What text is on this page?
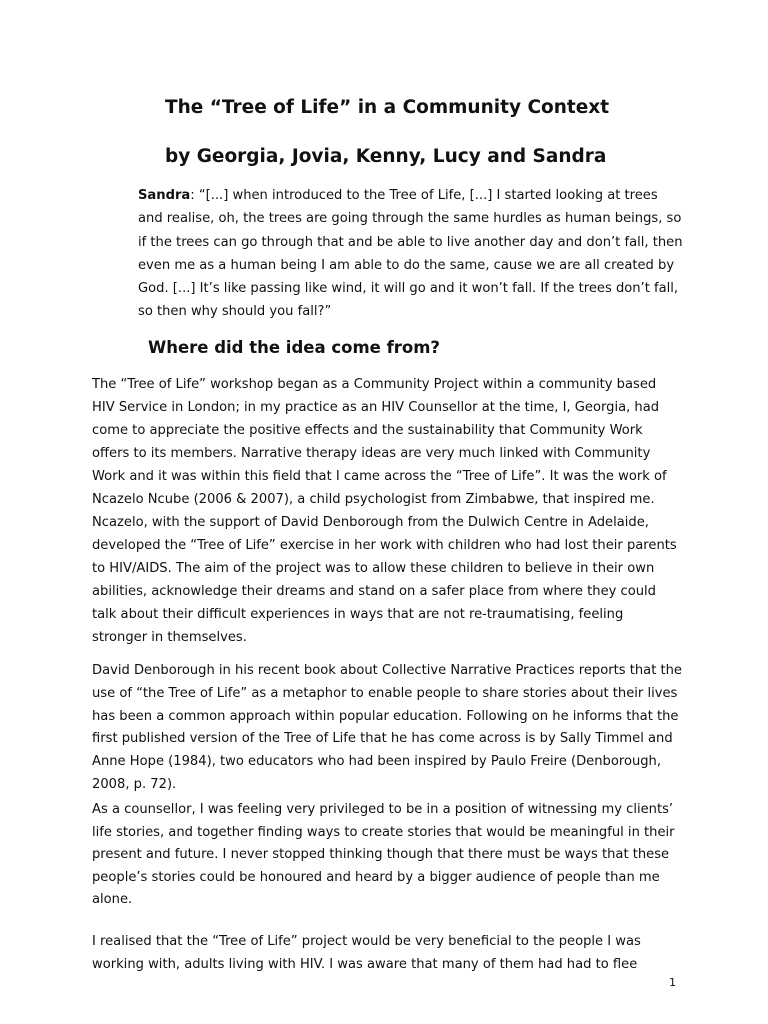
The “Tree of Life” in a Community Context
by Georgia, Jovia, Kenny, Lucy and Sandra

Sandra: “[...] when introduced to the Tree of Life, [...] I started looking at trees and realise, oh, the trees are going through the same hurdles as human beings, so if the trees can go through that and be able to live another day and don’t fall, then even me as a human being I am able to do the same, cause we are all created by God. [...] It’s like passing like wind, it will go and it won’t fall. If the trees don’t fall, so then why should you fall?”

Where did the idea come from?

The “Tree of Life” workshop began as a Community Project within a community based HIV Service in London; in my practice as an HIV Counsellor at the time, I, Georgia, had come to appreciate the positive effects and the sustainability that Community Work offers to its members. Narrative therapy ideas are very much linked with Community Work and it was within this field that I came across the “Tree of Life”. It was the work of Ncazelo Ncube (2006 & 2007), a child psychologist from Zimbabwe, that inspired me. Ncazelo, with the support of David Denborough from the Dulwich Centre in Adelaide, developed the “Tree of Life” exercise in her work with children who had lost their parents to HIV/AIDS. The aim of the project was to allow these children to believe in their own abilities, acknowledge their dreams and stand on a safer place from where they could talk about their difficult experiences in ways that are not re-traumatising, feeling stronger in themselves.

David Denborough in his recent book about Collective Narrative Practices reports that the use of “the Tree of Life” as a metaphor to enable people to share stories about their lives has been a common approach within popular education. Following on he informs that the first published version of the Tree of Life that he has come across is by Sally Timmel and Anne Hope (1984), two educators who had been inspired by Paulo Freire (Denborough, 2008, p. 72).

As a counsellor, I was feeling very privileged to be in a position of witnessing my clients’ life stories, and together finding ways to create stories that would be meaningful in their present and future. I never stopped thinking though that there must be ways that these people’s stories could be honoured and heard by a bigger audience of people than me alone.

I realised that the “Tree of Life” project would be very beneficial to the people I was working with, adults living with HIV. I was aware that many of them had had to flee

1
